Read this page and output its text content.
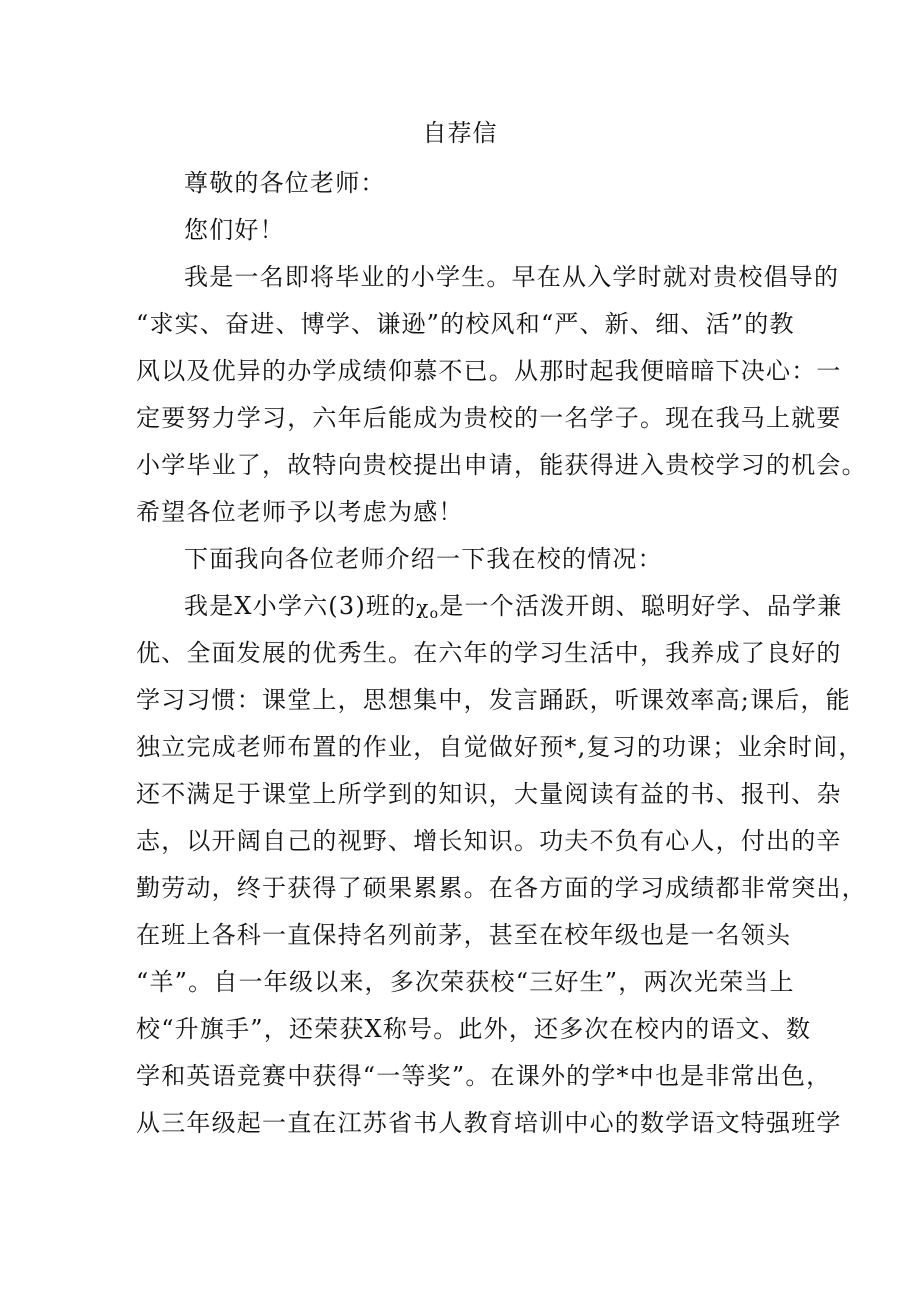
自荐信
尊敬的各位老师：
您们好！
我是一名即将毕业的小学生。早在从入学时就对贵校倡导的
“求实、奋进、博学、谦逊”的校风和“严、新、细、活”的教
风以及优异的办学成绩仰慕不已。从那时起我便暗暗下决心：一
定要努力学习，六年后能成为贵校的一名学子。现在我马上就要
小学毕业了，故特向贵校提出申请，能获得进入贵校学习的机会。
希望各位老师予以考虑为感！
下面我向各位老师介绍一下我在校的情况：
我是X小学六(3)班的χo是一个活泼开朗、聪明好学、品学兼
优、全面发展的优秀生。在六年的学习生活中，我养成了良好的
学习习惯：课堂上，思想集中，发言踊跃，听课效率高;课后，能
独立完成老师布置的作业，自觉做好预*,复习的功课；业余时间，
还不满足于课堂上所学到的知识，大量阅读有益的书、报刊、杂
志，以开阔自己的视野、增长知识。功夫不负有心人，付出的辛
勤劳动，终于获得了硕果累累。在各方面的学习成绩都非常突出，
在班上各科一直保持名列前茅，甚至在校年级也是一名领头
“羊”。自一年级以来，多次荣获校“三好生”，两次光荣当上
校“升旗手”，还荣获X称号。此外，还多次在校内的语文、数
学和英语竞赛中获得“一等奖”。在课外的学*中也是非常出色，
从三年级起一直在江苏省书人教育培训中心的数学语文特强班学
